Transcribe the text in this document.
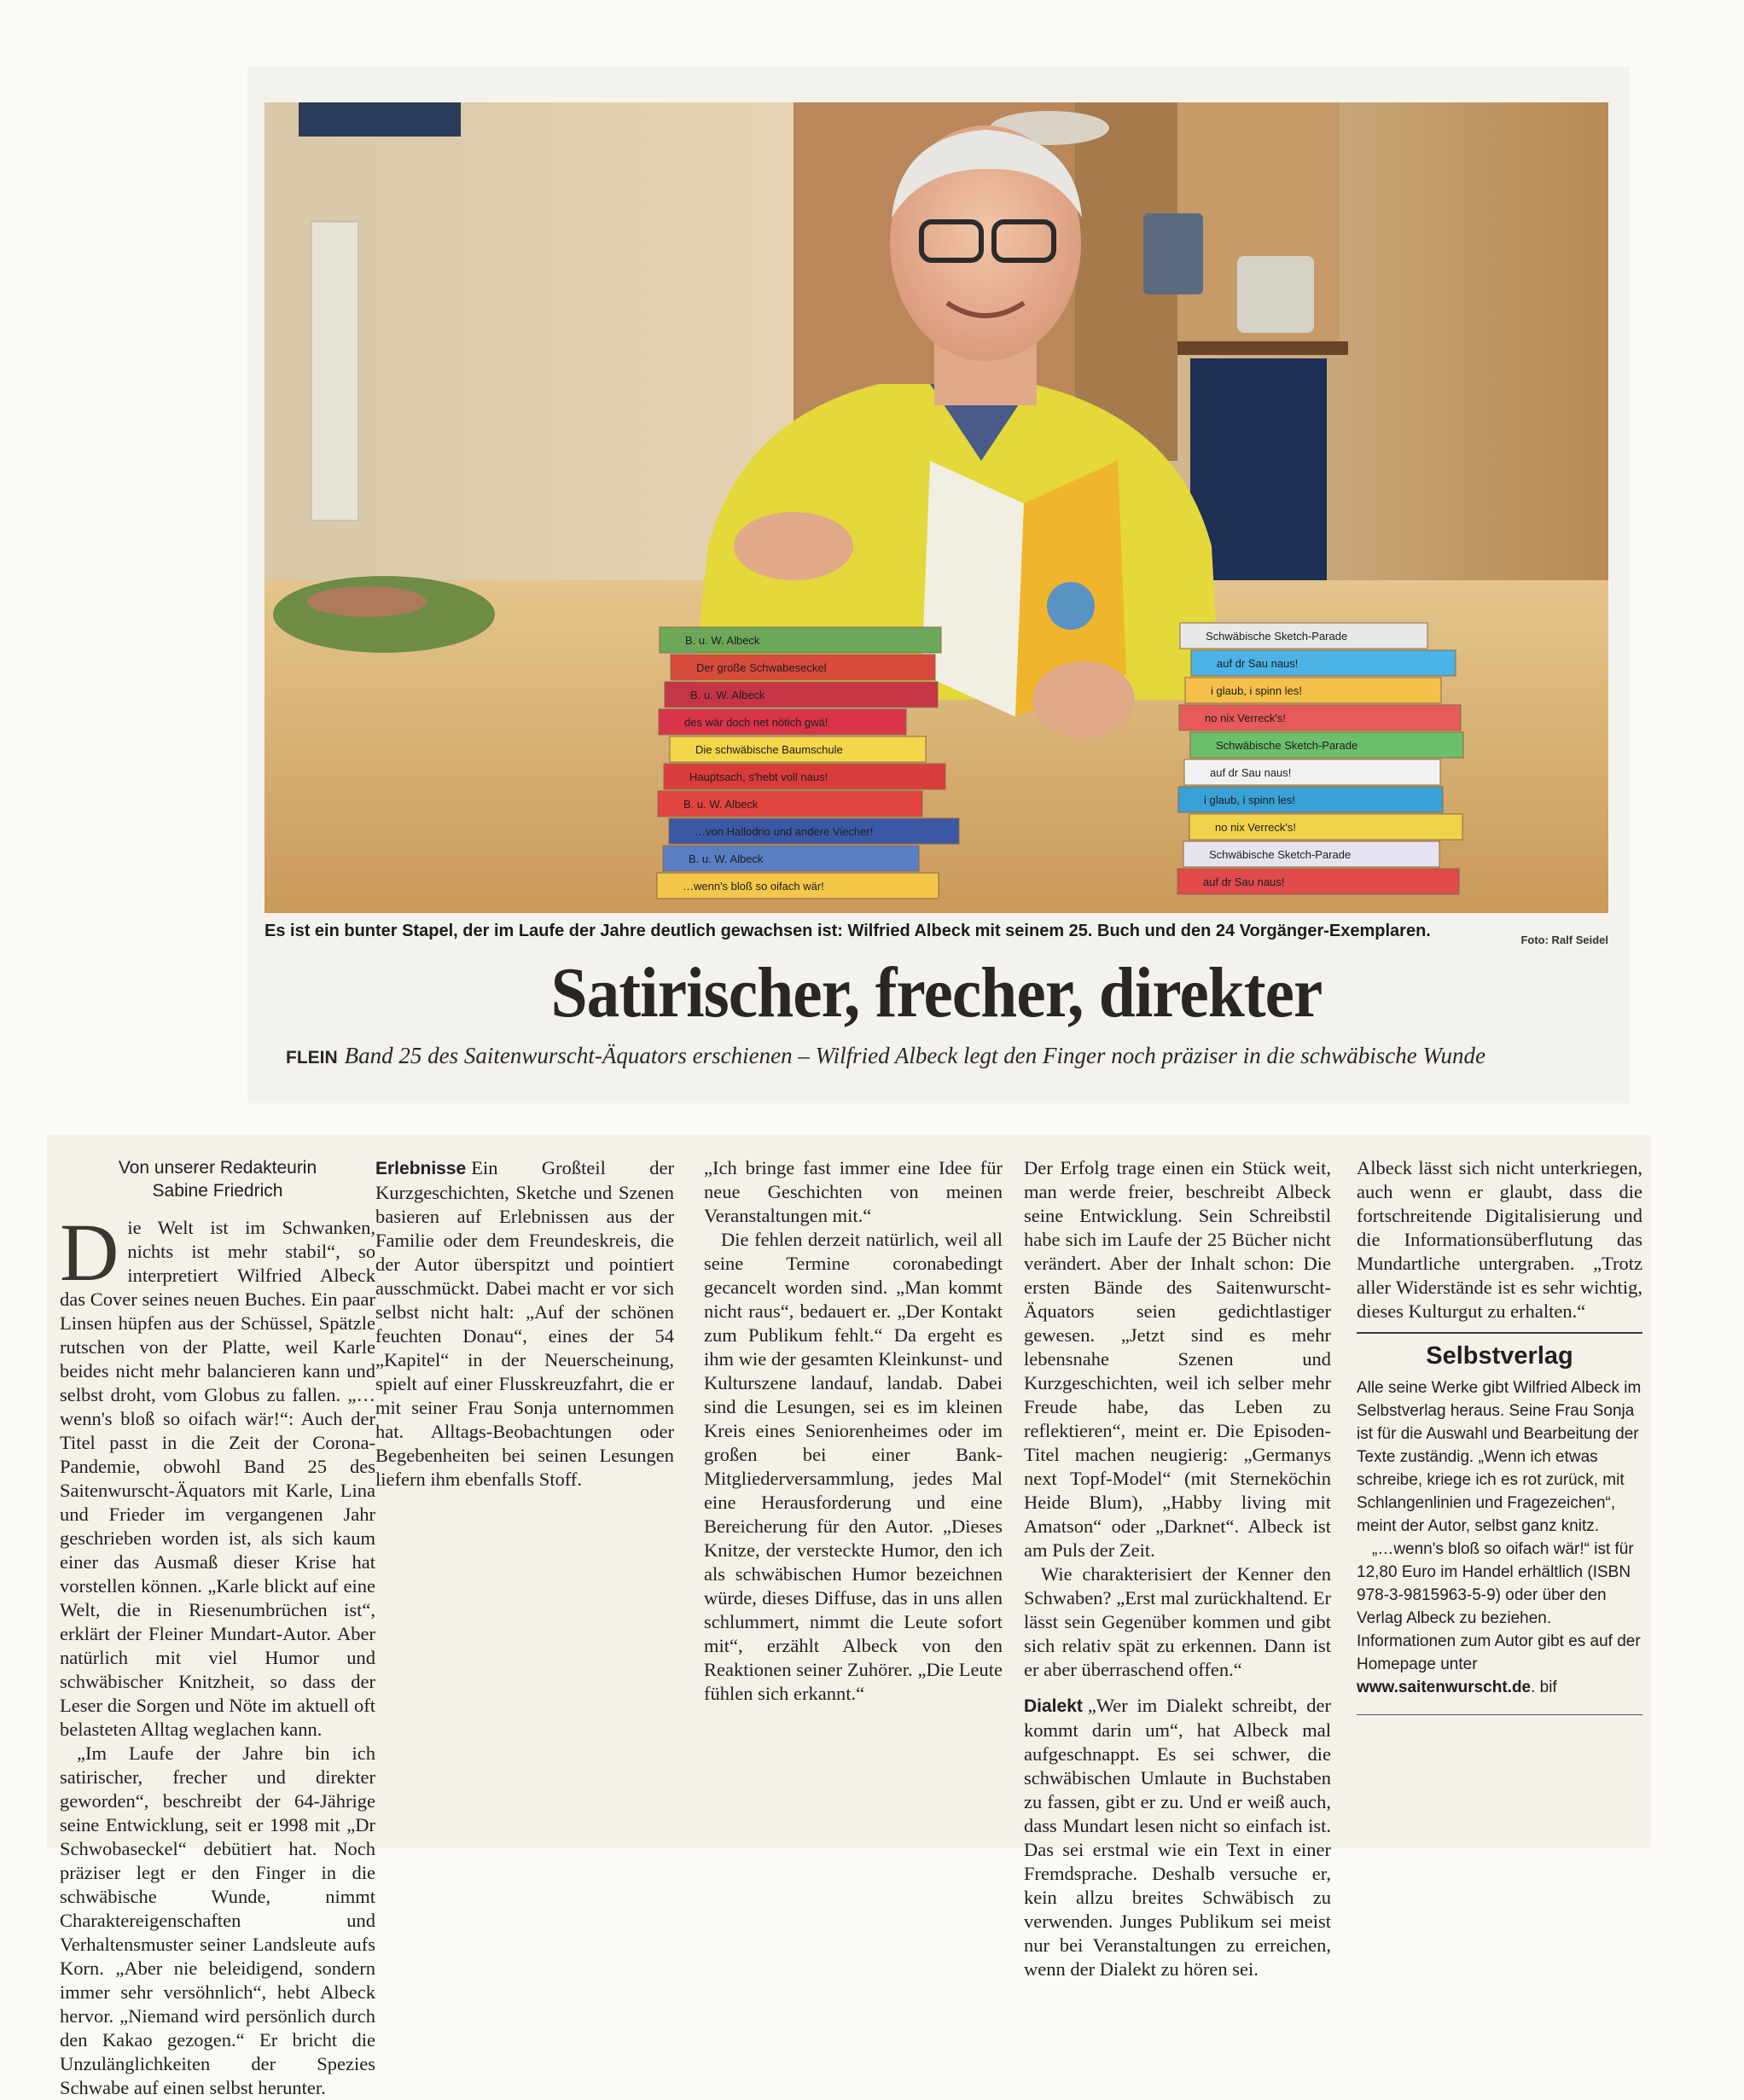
…wenn's bloß so oifach wär!
B. u. W. Albeck
…von Hallodrio und andere Viecher!
B. u. W. Albeck
Hauptsach, s'hebt voll naus!
Die schwäbische Baumschule
des wär doch net nötich gwä!
B. u. W. Albeck
Der große Schwabeseckel
B. u. W. Albeck
auf dr Sau naus!
Schwäbische Sketch-Parade
no nix Verreck's!
i glaub, i spinn les!
auf dr Sau naus!
Schwäbische Sketch-Parade
no nix Verreck's!
i glaub, i spinn les!
auf dr Sau naus!
Schwäbische Sketch-Parade
Es ist ein bunter Stapel, der im Laufe der Jahre deutlich gewachsen ist: Wilfried Albeck mit seinem 25. Buch und den 24 Vorgänger-Exemplaren.	Foto: Ralf Seidel
Satirischer, frecher, direkter
FLEIN Band 25 des Saitenwurscht-Äquators erschienen – Wilfried Albeck legt den Finger noch präziser in die schwäbische Wunde
Von unserer Redakteurin
Sabine Friedrich

Die Welt ist im Schwanken, nichts ist mehr stabil“, so interpretiert Wilfried Albeck das Cover seines neuen Buches. Ein paar Linsen hüpfen aus der Schüssel, Spätzle rutschen von der Platte, weil Karle beides nicht mehr balancieren kann und selbst droht, vom Globus zu fallen. „…wenn's bloß so oifach wär!“: Auch der Titel passt in die Zeit der Corona-Pandemie, obwohl Band 25 des Saitenwurscht-Äquators mit Karle, Lina und Frieder im vergangenen Jahr geschrieben worden ist, als sich kaum einer das Ausmaß dieser Krise hat vorstellen können. „Karle blickt auf eine Welt, die in Riesenumbrüchen ist“, erklärt der Fleiner Mundart-Autor. Aber natürlich mit viel Humor und schwäbischer Knitzheit, so dass der Leser die Sorgen und Nöte im aktuell oft belasteten Alltag weglachen kann.

„Im Laufe der Jahre bin ich satirischer, frecher und direkter geworden“, beschreibt der 64-Jährige seine Entwicklung, seit er 1998 mit „Dr Schwobaseckel“ debütiert hat. Noch präziser legt er den Finger in die schwäbische Wunde, nimmt Charaktereigenschaften und Verhaltensmuster seiner Landsleute aufs Korn. „Aber nie beleidigend, sondern immer sehr versöhnlich“, hebt Albeck hervor. „Niemand wird persönlich durch den Kakao gezogen.“ Er bricht die Unzulänglichkeiten der Spezies Schwabe auf einen selbst herunter.

Erlebnisse Ein Großteil der Kurzgeschichten, Sketche und Szenen basieren auf Erlebnissen aus der Familie oder dem Freundeskreis, die der Autor überspitzt und pointiert ausschmückt. Dabei macht er vor sich selbst nicht halt: „Auf der schönen feuchten Donau“, eines der 54 „Kapitel“ in der Neuerscheinung, spielt auf einer Flusskreuzfahrt, die er mit seiner Frau Sonja unternommen hat. Alltags-Beobachtungen oder Begebenheiten bei seinen Lesungen liefern ihm ebenfalls Stoff.

„Ich bringe fast immer eine Idee für neue Geschichten von meinen Veranstaltungen mit.“

Die fehlen derzeit natürlich, weil all seine Termine coronabedingt gecancelt worden sind. „Man kommt nicht raus“, bedauert er. „Der Kontakt zum Publikum fehlt.“ Da ergeht es ihm wie der gesamten Kleinkunst- und Kulturszene landauf, landab. Dabei sind die Lesungen, sei es im kleinen Kreis eines Seniorenheimes oder im großen bei einer Bank-Mitgliederversammlung, jedes Mal eine Herausforderung und eine Bereicherung für den Autor. „Dieses Knitze, der versteckte Humor, den ich als schwäbischen Humor bezeichnen würde, dieses Diffuse, das in uns allen schlummert, nimmt die Leute sofort mit“, erzählt Albeck von den Reaktionen seiner Zuhörer. „Die Leute fühlen sich erkannt.“

Der Erfolg trage einen ein Stück weit, man werde freier, beschreibt Albeck seine Entwicklung. Sein Schreibstil habe sich im Laufe der 25 Bücher nicht verändert. Aber der Inhalt schon: Die ersten Bände des Saitenwurscht-Äquators seien gedichtlastiger gewesen. „Jetzt sind es mehr lebensnahe Szenen und Kurzgeschichten, weil ich selber mehr Freude habe, das Leben zu reflektieren“, meint er. Die Episoden-Titel machen neugierig: „Germanys next Topf-Model“ (mit Sterneköchin Heide Blum), „Habby living mit Amatson“ oder „Darknet“. Albeck ist am Puls der Zeit.

Wie charakterisiert der Kenner den Schwaben? „Erst mal zurückhaltend. Er lässt sein Gegenüber kommen und gibt sich relativ spät zu erkennen. Dann ist er aber überraschend offen.“

Dialekt „Wer im Dialekt schreibt, der kommt darin um“, hat Albeck mal aufgeschnappt. Es sei schwer, die schwäbischen Umlaute in Buchstaben zu fassen, gibt er zu. Und er weiß auch, dass Mundart lesen nicht so einfach ist. Das sei erstmal wie ein Text in einer Fremdsprache. Deshalb versuche er, kein allzu breites Schwäbisch zu verwenden. Junges Publikum sei meist nur bei Veranstaltungen zu erreichen, wenn der Dialekt zu hören sei.

Albeck lässt sich nicht unterkriegen, auch wenn er glaubt, dass die fortschreitende Digitalisierung und die Informationsüberflutung das Mundartliche untergraben. „Trotz aller Widerstände ist es sehr wichtig, dieses Kulturgut zu erhalten.“

Selbstverlag

Alle seine Werke gibt Wilfried Albeck im Selbstverlag heraus. Seine Frau Sonja ist für die Auswahl und Bearbeitung der Texte zuständig. „Wenn ich etwas schreibe, kriege ich es rot zurück, mit Schlangenlinien und Fragezeichen“, meint der Autor, selbst ganz knitz.

„…wenn's bloß so oifach wär!“ ist für 12,80 Euro im Handel erhältlich (ISBN 978-3-9815963-5-9) oder über den Verlag Albeck zu beziehen. Informationen zum Autor gibt es auf der Homepage unter www.saitenwurscht.de. bif
